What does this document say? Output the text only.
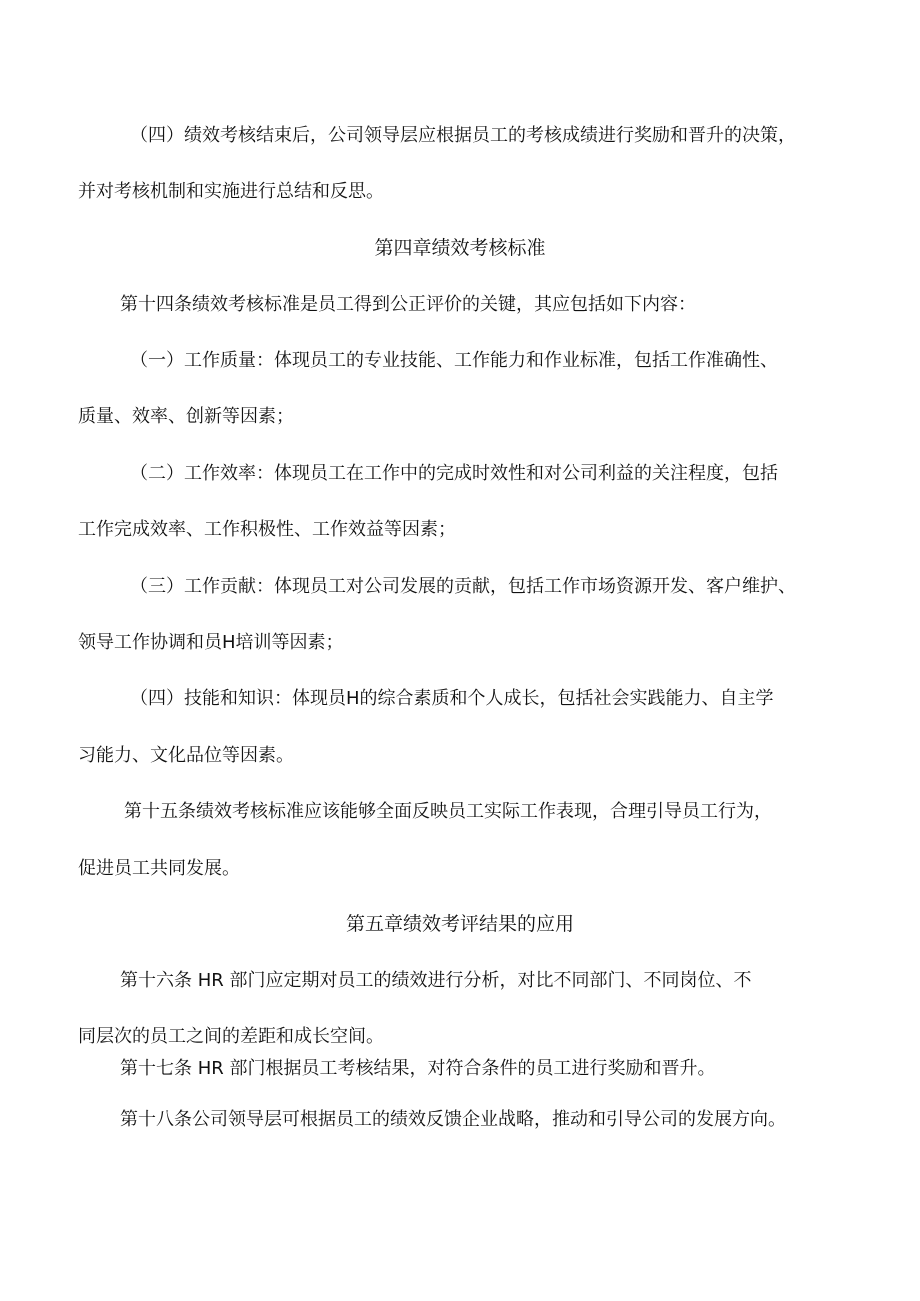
（四）绩效考核结束后，公司领导层应根据员工的考核成绩进行奖励和晋升的决策，
并对考核机制和实施进行总结和反思。
第四章绩效考核标准
第十四条绩效考核标准是员工得到公正评价的关键，其应包括如下内容：
（一）工作质量：体现员工的专业技能、工作能力和作业标准，包括工作准确性、
质量、效率、创新等因素；
（二）工作效率：体现员工在工作中的完成时效性和对公司利益的关注程度，包括
工作完成效率、工作积极性、工作效益等因素；
（三）工作贡献：体现员工对公司发展的贡献，包括工作市场资源开发、客户维护、
领导工作协调和员H培训等因素；
（四）技能和知识：体现员H的综合素质和个人成长，包括社会实践能力、自主学
习能力、文化品位等因素。
第十五条绩效考核标准应该能够全面反映员工实际工作表现，合理引导员工行为，
促进员工共同发展。
第五章绩效考评结果的应用
第十六条 HR 部门应定期对员工的绩效进行分析，对比不同部门、不同岗位、不
同层次的员工之间的差距和成长空间。
第十七条 HR 部门根据员工考核结果，对符合条件的员工进行奖励和晋升。
第十八条公司领导层可根据员工的绩效反馈企业战略，推动和引导公司的发展方向。
